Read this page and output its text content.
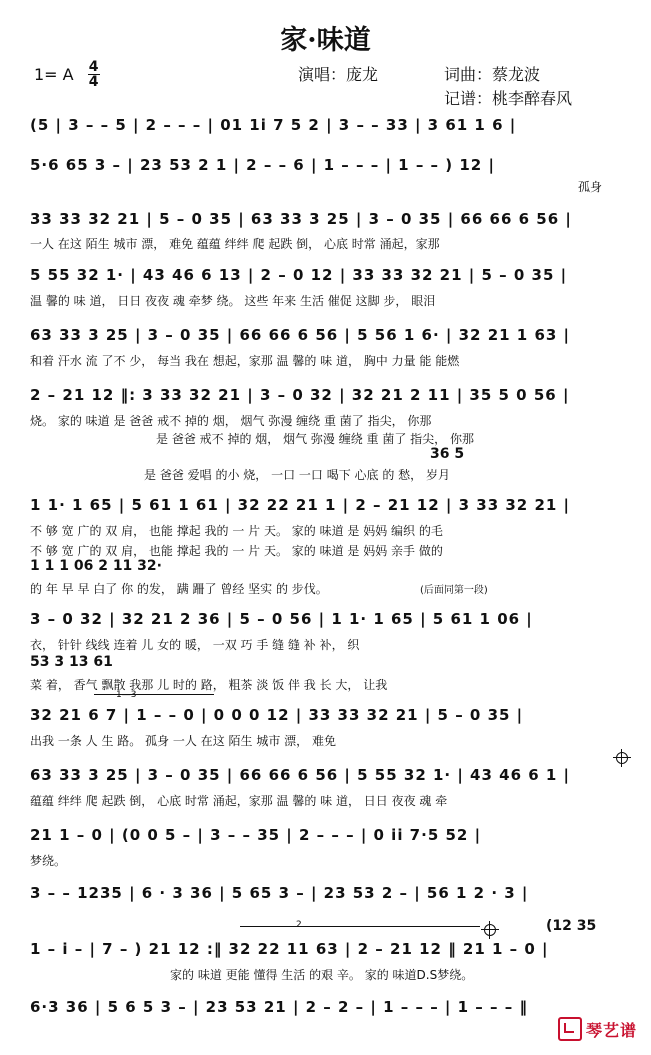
家·味道
1= A $\frac{4}{4}$	演唱：庞龙	词曲：蔡龙波
记谱：桃李醉春风
(5 | 3 – – 5 | 2 – – – | 01 1i 7 5 2 | 3 – – 33 | 3 61 1 6 |
5·6 65 3 – | 23 53 2 1 | 2 – – 6 | 1 – – – | 1 – – ) 12 |
孤身
33 33 32 21 | 5 – 0 35 | 63 33 3 25 | 3 – 0 35 | 66 66 6 56 |
一人 在这 陌生 城市 漂， 难免 蕴蕴 绊绊 爬 起跌 倒， 心底 时常 涌起，家那
5 55 32 1· | 43 46 6 13 | 2 – 0 12 | 33 33 32 21 | 5 – 0 35 |
温 馨的 味 道， 日日 夜夜 魂 牵梦 绕。 这些 年来 生活 催促 这脚 步， 眼泪
63 33 3 25 | 3 – 0 35 | 66 66 6 56 | 5 56 1 6· | 32 21 1 63 |
和着 汗水 流 了不 少， 每当 我在 想起，家那 温 馨的 味 道， 胸中 力量 能 能燃
2 – 21 12 ‖: 3 33 32 21 | 3 – 0 32 | 32 21 2 11 | 35 5 0 56 |
烧。 家的 味道 是 爸爸 戒不 掉的 烟， 烟气 弥漫 缠绕 重 菌了 指尖， 你那
是 爸爸 戒不 掉的 烟， 烟气 弥漫 缠绕 重 菌了 指尖， 你那
36 5
是 爸爸 爱唱 的小 烧， 一口 一口 喝下 心底 的 愁， 岁月
1 1· 1 65 | 5 61 1 61 | 32 22 21 1 | 2 – 21 12 | 3 33 32 21 |
不 够 宽 广的 双 肩， 也能 撑起 我的 一 片 天。 家的 味道 是 妈妈 编织 的毛
不 够 宽 广的 双 肩， 也能 撑起 我的 一 片 天。 家的 味道 是 妈妈 亲手 做的
1 1 1 06 2 11 32·
的 年 早 早 白了 你 的发， 蹒 跚了 曾经 坚实 的 步伐。	(后面同第一段)
3 – 0 32 | 32 21 2 36 | 5 – 0 56 | 1 1· 1 65 | 5 61 1 06 |
衣， 针针 线线 连着 儿 女的 暖， 一双 巧 手 缝 缝 补 补， 织
53 3 13 61
菜 着， 香气 飘散 我那 儿 时的 路， 粗茶 淡 饭 伴 我 长 大， 让我
1—3
32 21 6 7 | 1 – – 0 | 0 0 0 12 | 33 33 32 21 | 5 – 0 35 |
出我 一条 人 生 路。 孤身 一人 在这 陌生 城市 漂， 难免
63 33 3 25 | 3 – 0 35 | 66 66 6 56 | 5 55 32 1· | 43 46 6 1 |
蕴蕴 绊绊 爬 起跌 倒， 心底 时常 涌起，家那 温 馨的 味 道， 日日 夜夜 魂 牵
21 1 – 0 | (0 0 5 – | 3 – – 35 | 2 – – – | 0 ii 7·5 52 |
梦绕。
3 – – 1235 | 6 · 3 36 | 5 65 3 – | 23 53 2 – | 56 1 2 · 3 |
2	(12 35
1 – i – | 7 – ) 21 12 :‖ 32 22 11 63 | 2 – 21 12 ‖ 21 1 – 0 |
家的 味道 更能 懂得 生活 的艰 辛。 家的 味道D.S梦绕。
6·3 36 | 5 6 5 3 – | 23 53 21 | 2 – 2 – | 1 – – – | 1 – – – ‖
琴艺谱
